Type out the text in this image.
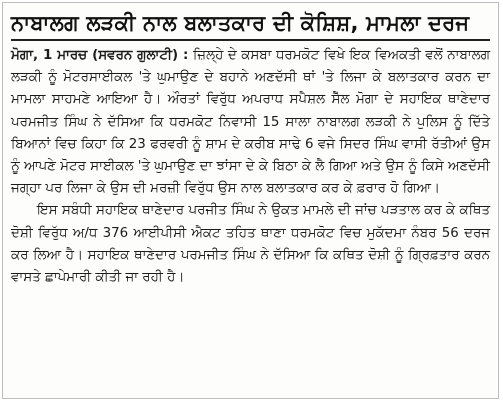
ਨਾਬਾਲਗ ਲੜਕੀ ਨਾਲ ਬਲਾਤਕਾਰ ਦੀ ਕੋਸ਼ਿਸ਼, ਮਾਮਲਾ ਦਰਜ

ਮੋਗਾ, 1 ਮਾਰਚ (ਸਵਰਨ ਗੁਲਾਟੀ) : ਜ਼ਿਲ੍ਹੇ ਦੇ ਕਸਬਾ ਧਰਮਕੋਟ ਵਿਖੇ ਇਕ ਵਿਅਕਤੀ ਵਲੋਂ ਨਾਬਾਲਗ ਲੜਕੀ ਨੂੰ ਮੋਟਰਸਾਈਕਲ 'ਤੇ ਘੁਮਾਉਣ ਦੇ ਬਹਾਨੇ ਅਣਦੱਸੀ ਥਾਂ 'ਤੇ ਲਿਜਾ ਕੇ ਬਲਾਤਕਾਰ ਕਰਨ ਦਾ ਮਾਮਲਾ ਸਾਹਮਣੇ ਆਇਆ ਹੈ। ਔਰਤਾਂ ਵਿਰੁੱਧ ਅਪਰਾਧ ਸਪੈਸ਼ਲ ਸੈੱਲ ਮੋਗਾ ਦੇ ਸਹਾਇਕ ਥਾਣੇਦਾਰ ਪਰਮਜੀਤ ਸਿੰਘ ਨੇ ਦੱਸਿਆ ਕਿ ਧਰਮਕੋਟ ਨਿਵਾਸੀ 15 ਸਾਲਾ ਨਾਬਾਲਗ ਲੜਕੀ ਨੇ ਪੁਲਿਸ ਨੂੰ ਦਿੱਤੇ ਬਿਆਨਾਂ ਵਿਚ ਕਿਹਾ ਕਿ 23 ਫਰਵਰੀ ਨੂੰ ਸ਼ਾਮ ਦੇ ਕਰੀਬ ਸਾਢੇ 6 ਵਜੇ ਸਿਦਰ ਸਿੰਘ ਵਾਸੀ ਰੱਤੀਆਂ ਉਸ ਨੂੰ ਆਪਣੇ ਮੋਟਰ ਸਾਈਕਲ 'ਤੇ ਘੁਮਾਉਣ ਦਾ ਝਾਂਸਾ ਦੇ ਕੇ ਬਿਠਾ ਕੇ ਲੈ ਗਿਆ ਅਤੇ ਉਸ ਨੂੰ ਕਿਸੇ ਅਣਦੱਸੀ ਜਗ੍ਹਾ ਪਰ ਲਿਜਾ ਕੇ ਉਸ ਦੀ ਮਰਜ਼ੀ ਵਿਰੁੱਧ ਉਸ ਨਾਲ ਬਲਾਤਕਾਰ ਕਰ ਕੇ ਫ਼ਰਾਰ ਹੋ ਗਿਆ।

ਇਸ ਸਬੰਧੀ ਸਹਾਇਕ ਥਾਣੇਦਾਰ ਪਰਜੀਤ ਸਿੰਘ ਨੇ ਉਕਤ ਮਾਮਲੇ ਦੀ ਜਾਂਚ ਪੜਤਾਲ ਕਰ ਕੇ ਕਥਿਤ ਦੋਸ਼ੀ ਵਿਰੁੱਧ ਅ/ਧ 376 ਆਈਪੀਸੀ ਐਕਟ ਤਹਿਤ ਥਾਣਾ ਧਰਮਕੋਟ ਵਿਚ ਮੁਕੱਦਮਾ ਨੰਬਰ 56 ਦਰਜ ਕਰ ਲਿਆ ਹੈ। ਸਹਾਇਕ ਥਾਣੇਦਾਰ ਪਰਮਜੀਤ ਸਿੰਘ ਨੇ ਦੱਸਿਆ ਕਿ ਕਥਿਤ ਦੋਸ਼ੀ ਨੂੰ ਗ੍ਰਿਫ਼ਤਾਰ ਕਰਨ ਵਾਸਤੇ ਛਾਪੇਮਾਰੀ ਕੀਤੀ ਜਾ ਰਹੀ ਹੈ।
